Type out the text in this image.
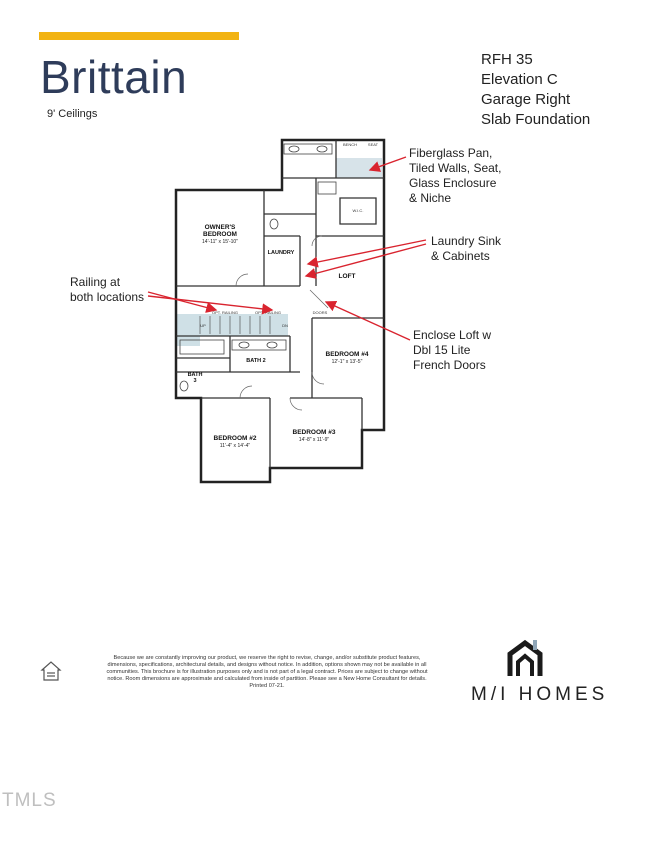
Brittain
9' Ceilings
RFH 35
Elevation C
Garage Right
Slab Foundation
Railing at
both locations
Fiberglass Pan,
Tiled Walls, Seat,
Glass Enclosure
& Niche
Laundry Sink
& Cabinets
Enclose Loft w
Dbl 15 Lite
French Doors
OWNER'S
BEDROOM
LOFT
LAUNDRY
BEDROOM #4
BEDROOM #2
BEDROOM #3
BATH 2
BATH
3
14'-11" x 15'-10"
12'-1" x 13'-5"
11'-4" x 14'-4"
14'-8" x 11'-9"
W.I.C.
BENCH	SEAT
OPT. RAILING	OPT. RAILING
UP	DN
DOORS
Because we are constantly improving our product, we reserve the right to revise, change, and/or substitute product features, dimensions, specifications, architectural details, and designs without notice. In addition, options shown may not be available in all communities. This brochure is for illustration purposes only and is not part of a legal contract. Prices are subject to change without notice. Room dimensions are approximate and calculated from inside of partition. Please see a New Home Consultant for details. Printed 07-21.	M/I HOMES
TMLS
